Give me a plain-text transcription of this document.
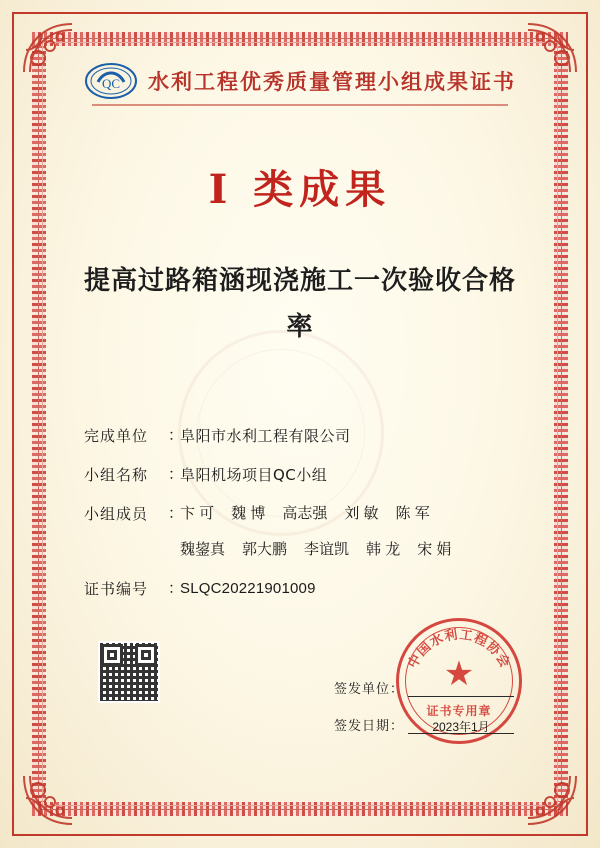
QC 水利工程优秀质量管理小组成果证书
I 类成果
提高过路箱涵现浇施工一次验收合格率
完成单位	：
阜阳市水利工程有限公司
小组名称	：
阜阳机场项目QC小组
小组成员	：
卞 可 魏 博 高志强 刘 敏 陈 军
魏鋆真 郭大鹏 李谊凯 韩 龙 宋 娟
证书编号	：
SLQC20221901009
中国水利工程协会
★
证书专用章
签发单位：
签发日期：	2023年1月
